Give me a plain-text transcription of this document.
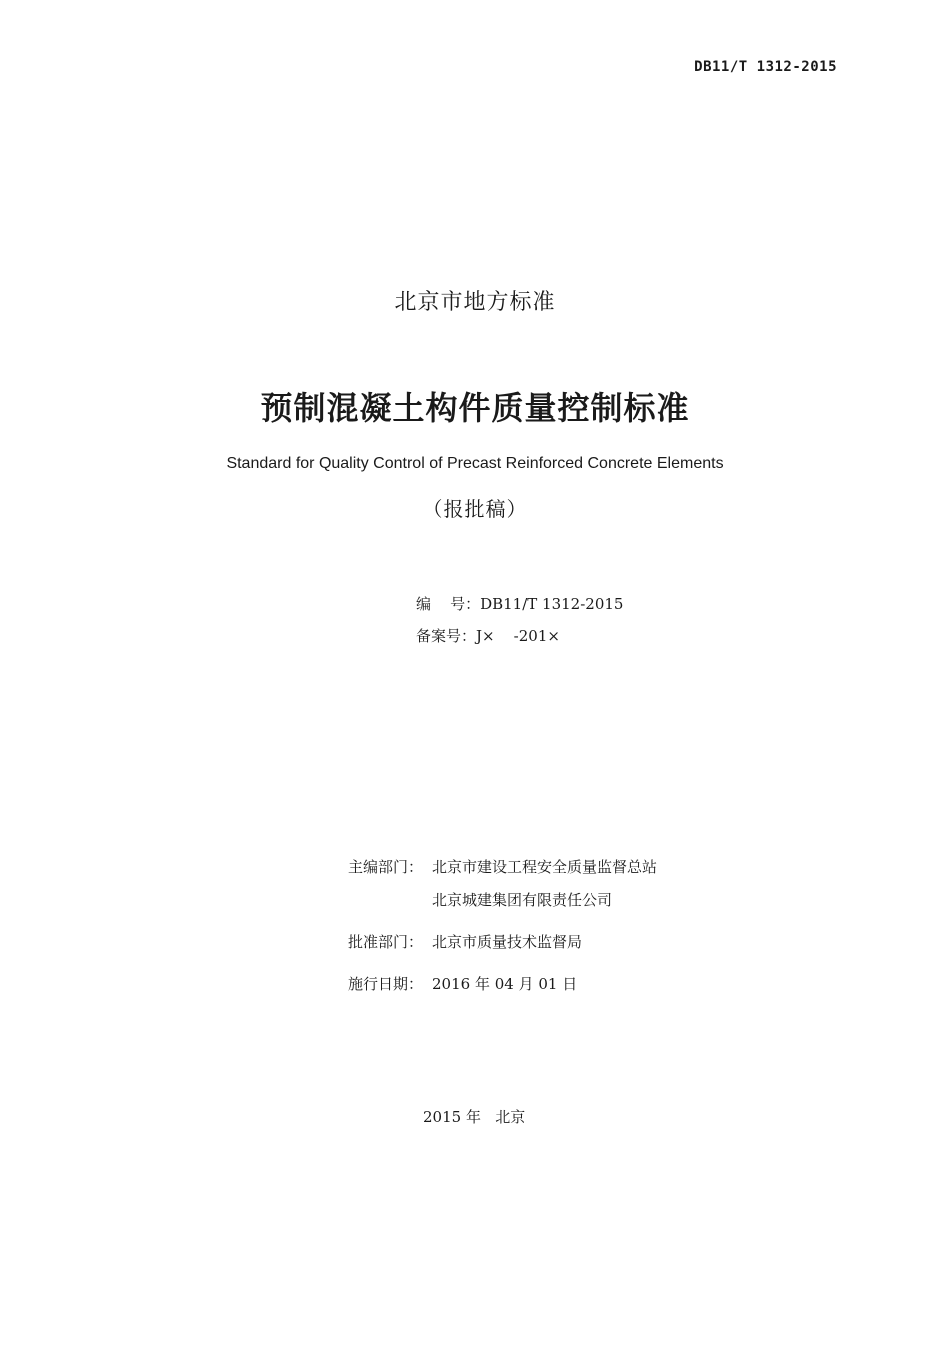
DB11/T 1312-2015
北京市地方标准
预制混凝土构件质量控制标准
Standard for Quality Control of Precast Reinforced Concrete Elements
（报批稿）
编    号：DB11/T 1312-2015
备案号：J×    -201×
主编部门： 北京市建设工程安全质量监督总站
北京城建集团有限责任公司
批准部门： 北京市质量技术监督局
施行日期： 2016 年 04 月 01 日
2015 年 北京
